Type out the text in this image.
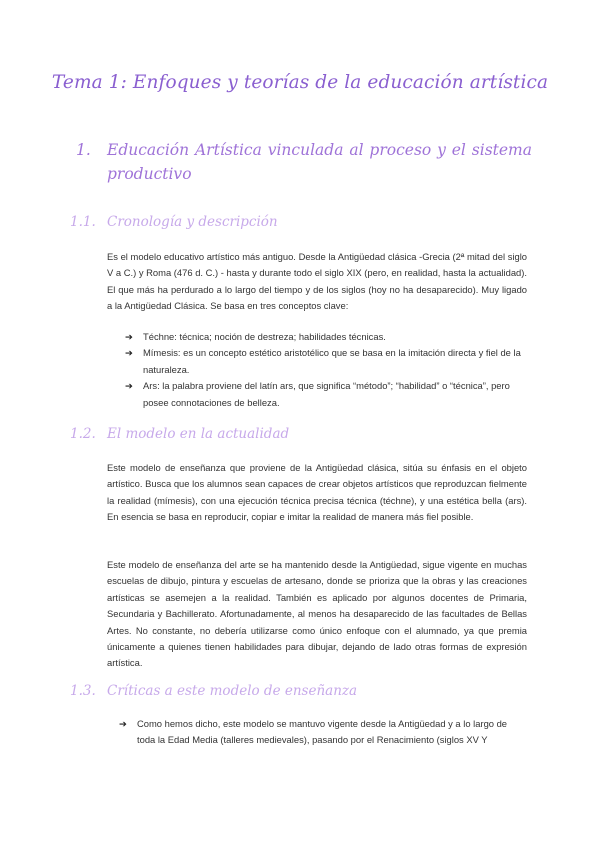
Tema 1: Enfoques y teorías de la educación artística
1. Educación Artística vinculada al proceso y el sistema productivo
1.1. Cronología y descripción
Es el modelo educativo artístico más antiguo. Desde la Antigüedad clásica -Grecia (2ª mitad del siglo V a C.) y Roma (476 d. C.) - hasta y durante todo el siglo XIX (pero, en realidad, hasta la actualidad). El que más ha perdurado a lo largo del tiempo y de los siglos (hoy no ha desaparecido). Muy ligado a la Antigüedad Clásica. Se basa en tres conceptos clave:
➔ Téchne: técnica; noción de destreza; habilidades técnicas.
➔ Mímesis: es un concepto estético aristotélico que se basa en la imitación directa y fiel de la naturaleza.
➔ Ars: la palabra proviene del latín ars, que significa “método”; “habilidad” o “técnica”, pero posee connotaciones de belleza.
1.2. El modelo en la actualidad
Este modelo de enseñanza que proviene de la Antigüedad clásica, sitúa su énfasis en el objeto artístico. Busca que los alumnos sean capaces de crear objetos artísticos que reproduzcan fielmente la realidad (mímesis), con una ejecución técnica precisa técnica (téchne), y una estética bella (ars). En esencia se basa en reproducir, copiar e imitar la realidad de manera más fiel posible.
Este modelo de enseñanza del arte se ha mantenido desde la Antigüedad, sigue vigente en muchas escuelas de dibujo, pintura y escuelas de artesano, donde se prioriza que la obras y las creaciones artísticas se asemejen a la realidad. También es aplicado por algunos docentes de Primaria, Secundaria y Bachillerato. Afortunadamente, al menos ha desaparecido de las facultades de Bellas Artes. No constante, no debería utilizarse como único enfoque con el alumnado, ya que premia únicamente a quienes tienen habilidades para dibujar, dejando de lado otras formas de expresión artística.
1.3. Críticas a este modelo de enseñanza
➔ Como hemos dicho, este modelo se mantuvo vigente desde la Antigüedad y a lo largo de toda la Edad Media (talleres medievales), pasando por el Renacimiento (siglos XV Y
